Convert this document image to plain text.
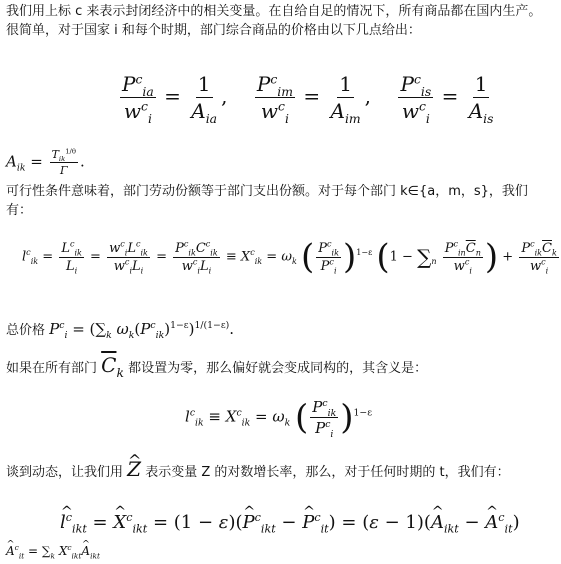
我们用上标 c 来表示封闭经济中的相关变量。在自给自足的情况下，所有商品都在国内生产。很简单，对于国家 i 和每个时期，部门综合商品的价格由以下几点给出：
$\frac{P^c_{ia}}{w^c_i} = \frac{1}{A_{ia}}$ , $\frac{P^c_{im}}{w^c_i} = \frac{1}{A_{im}}$ , $\frac{P^c_{is}}{w^c_i} = \frac{1}{A_{is}}$
$A_{ik} = \frac{T_{ik}^{1/\theta}}{\Gamma}$ .
可行性条件意味着，部门劳动份额等于部门支出份额。对于每个部门 k∈{a，m，s}，我们有：
$l^c_{ik} = \frac{L^c_{ik}}{L_i} = \frac{w^c_iL^c_{ik}}{w^c_iL_i} = \frac{P^c_{ik}C^c_{ik}}{w^c_iL_i} \equiv X^c_{ik} = \omega_k$ ( $\frac{P^c_{ik}}{P^c_i} )^{1-\varepsilon}$ ($1 - \sum_n \frac{P^c_{in}\overline{C}_n}{w^c_i}$ ) + $\frac{P^c_{ik}\overline{C}_k}{w^c_i}$
总价格 $P^c_i = (\sum_k$ $\omega_k(P^c_{ik})^{1-\varepsilon})^{1/(1-\varepsilon)}$.
如果在所有部门 $\overline{C}_k$ 都设置为零，那么偏好就会变成同构的，其含义是：
$l^c_{ik} \equiv X^c_{ik} = \omega_k$ ( $\frac{P^c_{ik}}{P^c_i} )^{1-\varepsilon}$
谈到动态，让我们用 ^ Z 表示变量 Z 的对数增长率，那么，对于任何时期的 t，我们有：
^ $l^c_{ikt}$ = ^ $X^c_{ikt} = (1$ − ε)(^ $P^c_{ikt}$ − ^ $P^c_{it}) = (\varepsilon$ − 1)(^ $A_{ikt}$ − ^ $A^c_{it}$)
^ $A^c_{it} = \sum_k$ $X^c_{ikt}\^{}$ $A_{ikt}$
